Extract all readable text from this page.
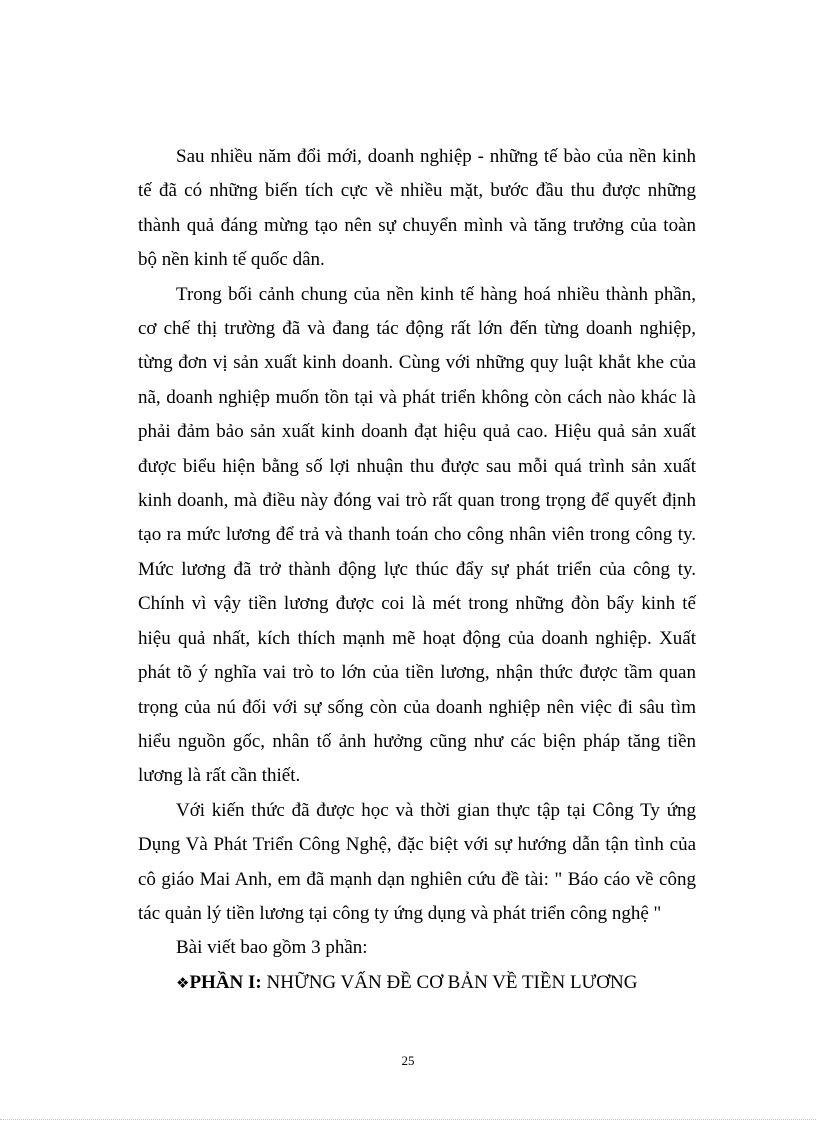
Sau nhiều năm đổi mới, doanh nghiệp - những tế bào của nền kinh tế đã có những biến tích cực về nhiều mặt, bước đầu thu được những thành quả đáng mừng tạo nên sự chuyển mình và tăng trưởng của toàn bộ nền kinh tế quốc dân.

Trong bối cảnh chung của nền kinh tế hàng hoá nhiều thành phần, cơ chế thị trường đã và đang tác động rất lớn đến từng doanh nghiệp, từng đơn vị sản xuất kinh doanh. Cùng với những quy luật khắt khe của nã, doanh nghiệp muốn tồn tại và phát triển không còn cách nào khác là phải đảm bảo sản xuất kinh doanh đạt hiệu quả cao. Hiệu quả sản xuất được biểu hiện bằng số lợi nhuận thu được sau mỗi quá trình sản xuất kinh doanh, mà điều này đóng vai trò rất quan trong trọng để quyết định tạo ra mức lương để trả và thanh toán cho công nhân viên trong công ty. Mức lương đã trở thành động lực thúc đẩy sự phát triển của công ty. Chính vì vậy tiền lương được coi là mét trong những đòn bẩy kinh tế hiệu quả nhất, kích thích mạnh mẽ hoạt động của doanh nghiệp. Xuất phát tõ ý nghĩa vai trò to lớn của tiền lương, nhận thức được tầm quan trọng của nú đối với sự sống còn của doanh nghiệp nên việc đi sâu tìm hiểu nguồn gốc, nhân tố ảnh hưởng cũng như các biện pháp tăng tiền lương là rất cần thiết.

Với kiến thức đã được học và thời gian thực tập tại Công Ty ứng Dụng Và Phát Triển Công Nghệ, đặc biệt với sự hướng dẫn tận tình của cô giáo Mai Anh, em đã mạnh dạn nghiên cứu đề tài: " Báo cáo về công tác quản lý tiền lương tại công ty ứng dụng và phát triển công nghệ "

Bài viết bao gồm 3 phần:

❖PHẦN I: NHỮNG VẤN ĐỀ CƠ BẢN VỀ TIỀN LƯƠNG

25
